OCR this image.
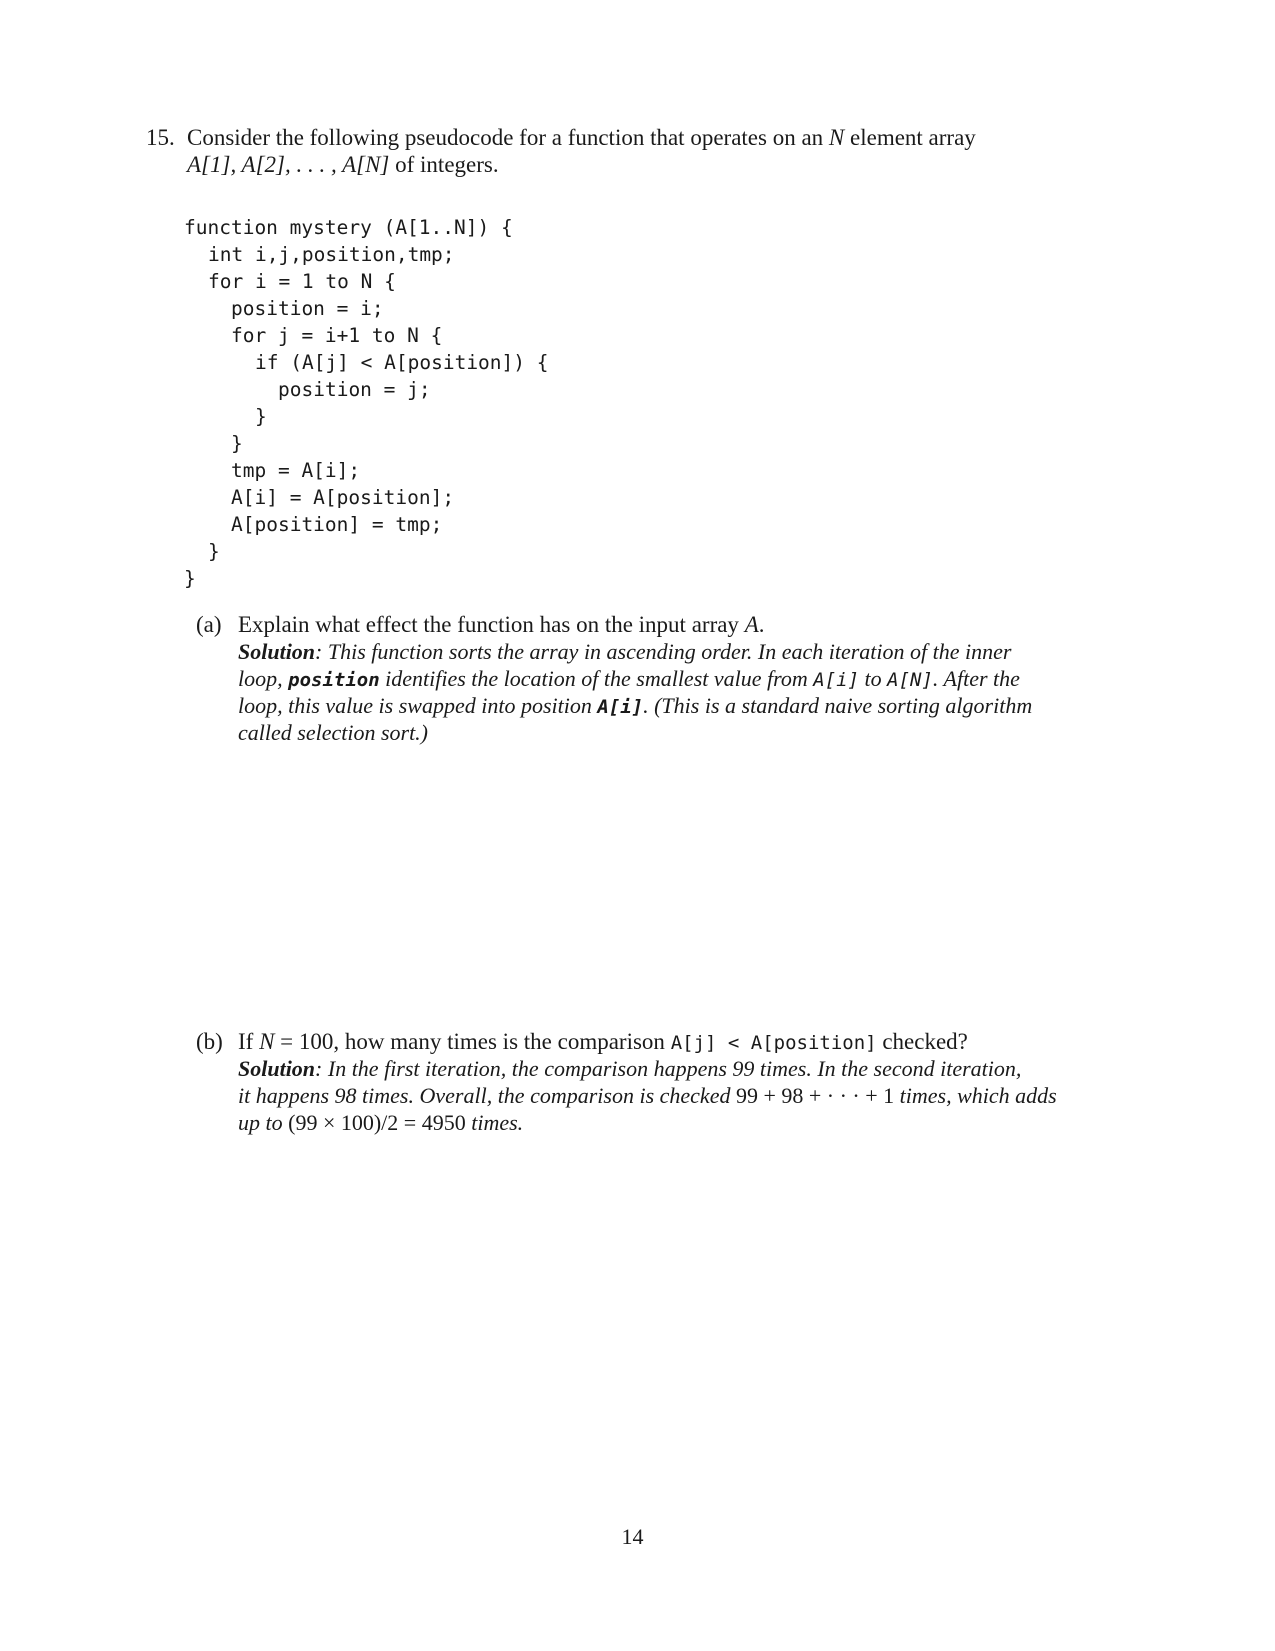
15. Consider the following pseudocode for a function that operates on an N element array
A[1], A[2], . . . , A[N] of integers.
function mystery (A[1..N]) {
int i,j,position,tmp;
for i = 1 to N {
position = i;
for j = i+1 to N {
if (A[j] < A[position]) {
position = j;
}
}
tmp = A[i];
A[i] = A[position];
A[position] = tmp;
}
}
(a) Explain what effect the function has on the input array A.
Solution: This function sorts the array in ascending order. In each iteration of the inner
loop, position identifies the location of the smallest value from A[i] to A[N]. After the
loop, this value is swapped into position A[i]. (This is a standard naive sorting algorithm
called selection sort.)
(b) If N = 100, how many times is the comparison A[j] < A[position] checked?
Solution: In the first iteration, the comparison happens 99 times. In the second iteration,
it happens 98 times. Overall, the comparison is checked 99 + 98 + · · · + 1 times, which adds
up to (99 × 100)/2 = 4950 times.
14
